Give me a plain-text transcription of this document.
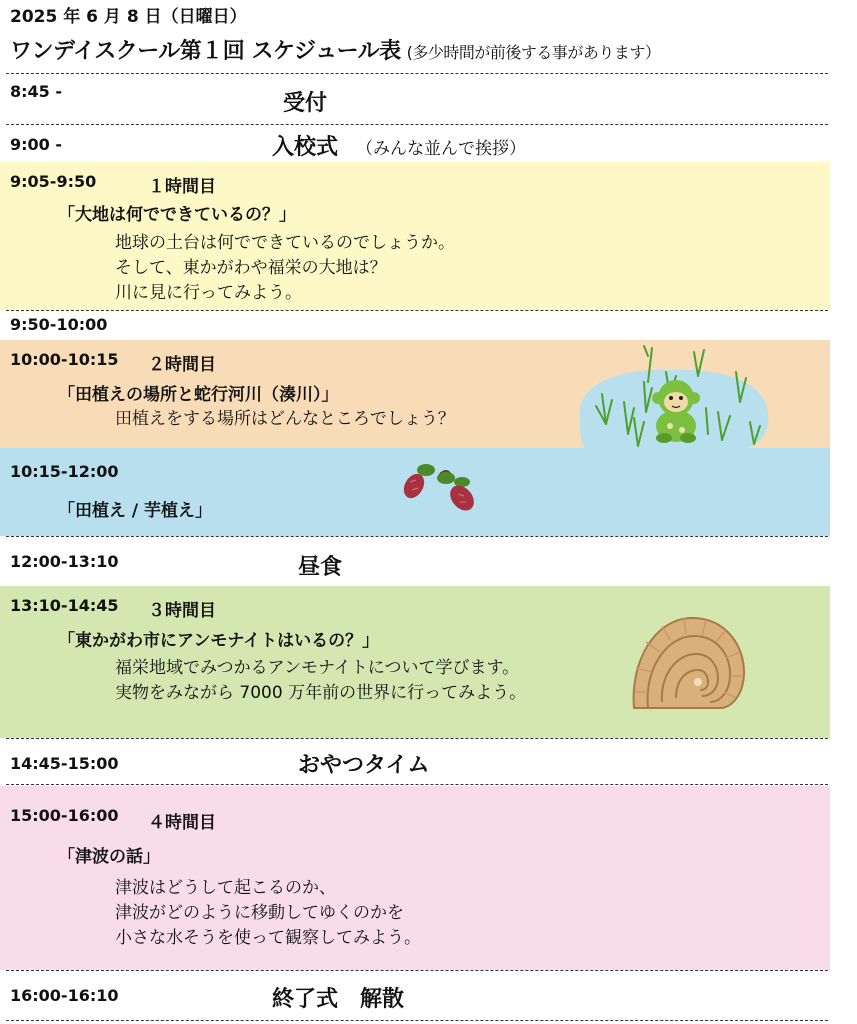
2025 年 6 月 8 日（日曜日）
ワンデイスクール第１回 スケジュール表 (多少時間が前後する事があります）
8:45 -	受付
9:00 -	入校式 （みんな並んで挨拶）
9:05-9:50	１時間目
「大地は何でできているの？」
地球の土台は何でできているのでしょうか。
そして、東かがわや福栄の大地は？
川に見に行ってみよう。
9:50-10:00
10:00-10:15 ２時間目
「田植えの場所と蛇行河川（湊川）」
田植えをする場所はどんなところでしょう？
10:15-12:00
「田植え / 芋植え」
12:00-13:10	昼食
13:10-14:45 ３時間目
「東かがわ市にアンモナイトはいるの？」
福栄地域でみつかるアンモナイトについて学びます。
実物をみながら 7000 万年前の世界に行ってみよう。
14:45-15:00	おやつタイム
15:00-16:00 ４時間目
「津波の話」
津波はどうして起こるのか、
津波がどのように移動してゆくのかを
小さな水そうを使って観察してみよう。
16:00-16:10	終了式　解散
